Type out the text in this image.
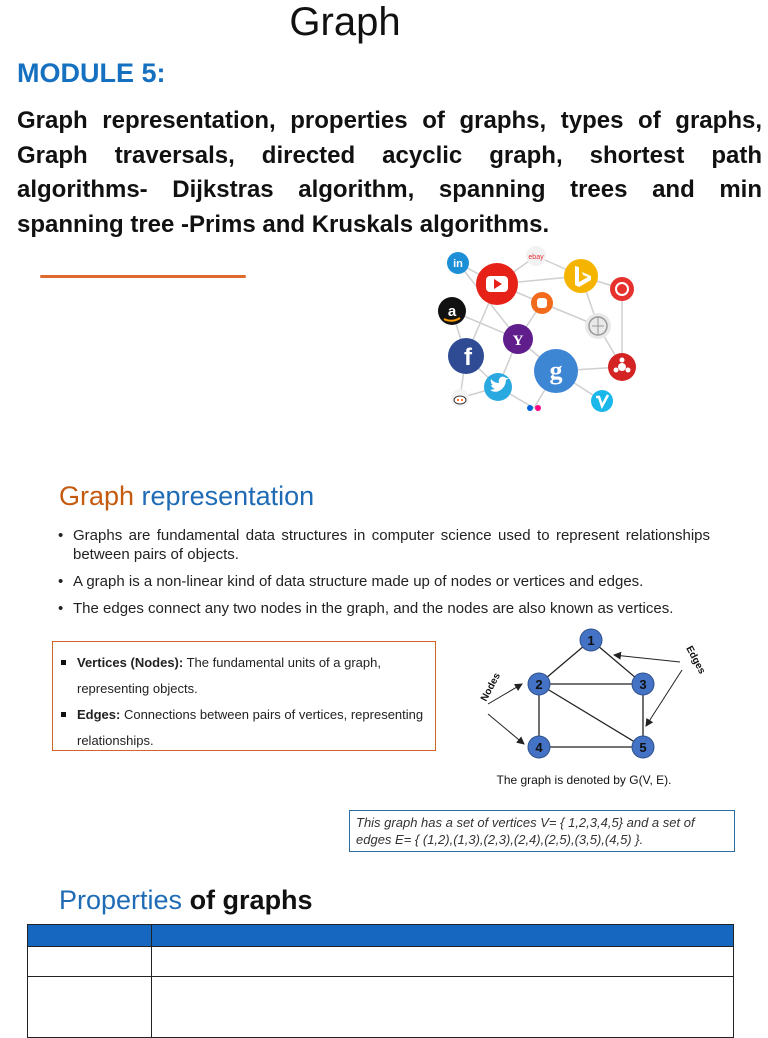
Graph
MODULE 5:
Graph representation, properties of graphs, types of graphs, Graph traversals, directed acyclic graph, shortest path algorithms- Dijkstras algorithm, spanning trees and min spanning tree -Prims and Kruskals algorithms.
in
ebay
a
Y
f	g
Graph representation
• Graphs are fundamental data structures in computer science used to represent relationships between pairs of objects.
• A graph is a non-linear kind of data structure made up of nodes or vertices and edges.
• The edges connect any two nodes in the graph, and the nodes are also known as vertices.
Vertices (Nodes): The fundamental units of a graph, representing objects.
Edges: Connections between pairs of vertices, representing relationships.
Nodes
Edges
1
2	3
4	5
The graph is denoted by G(V, E).
This graph has a set of vertices V= { 1,2,3,4,5} and a set of edges E= { (1,2),(1,3),(2,3),(2,4),(2,5),(3,5),(4,5) }.
Properties of graphs
